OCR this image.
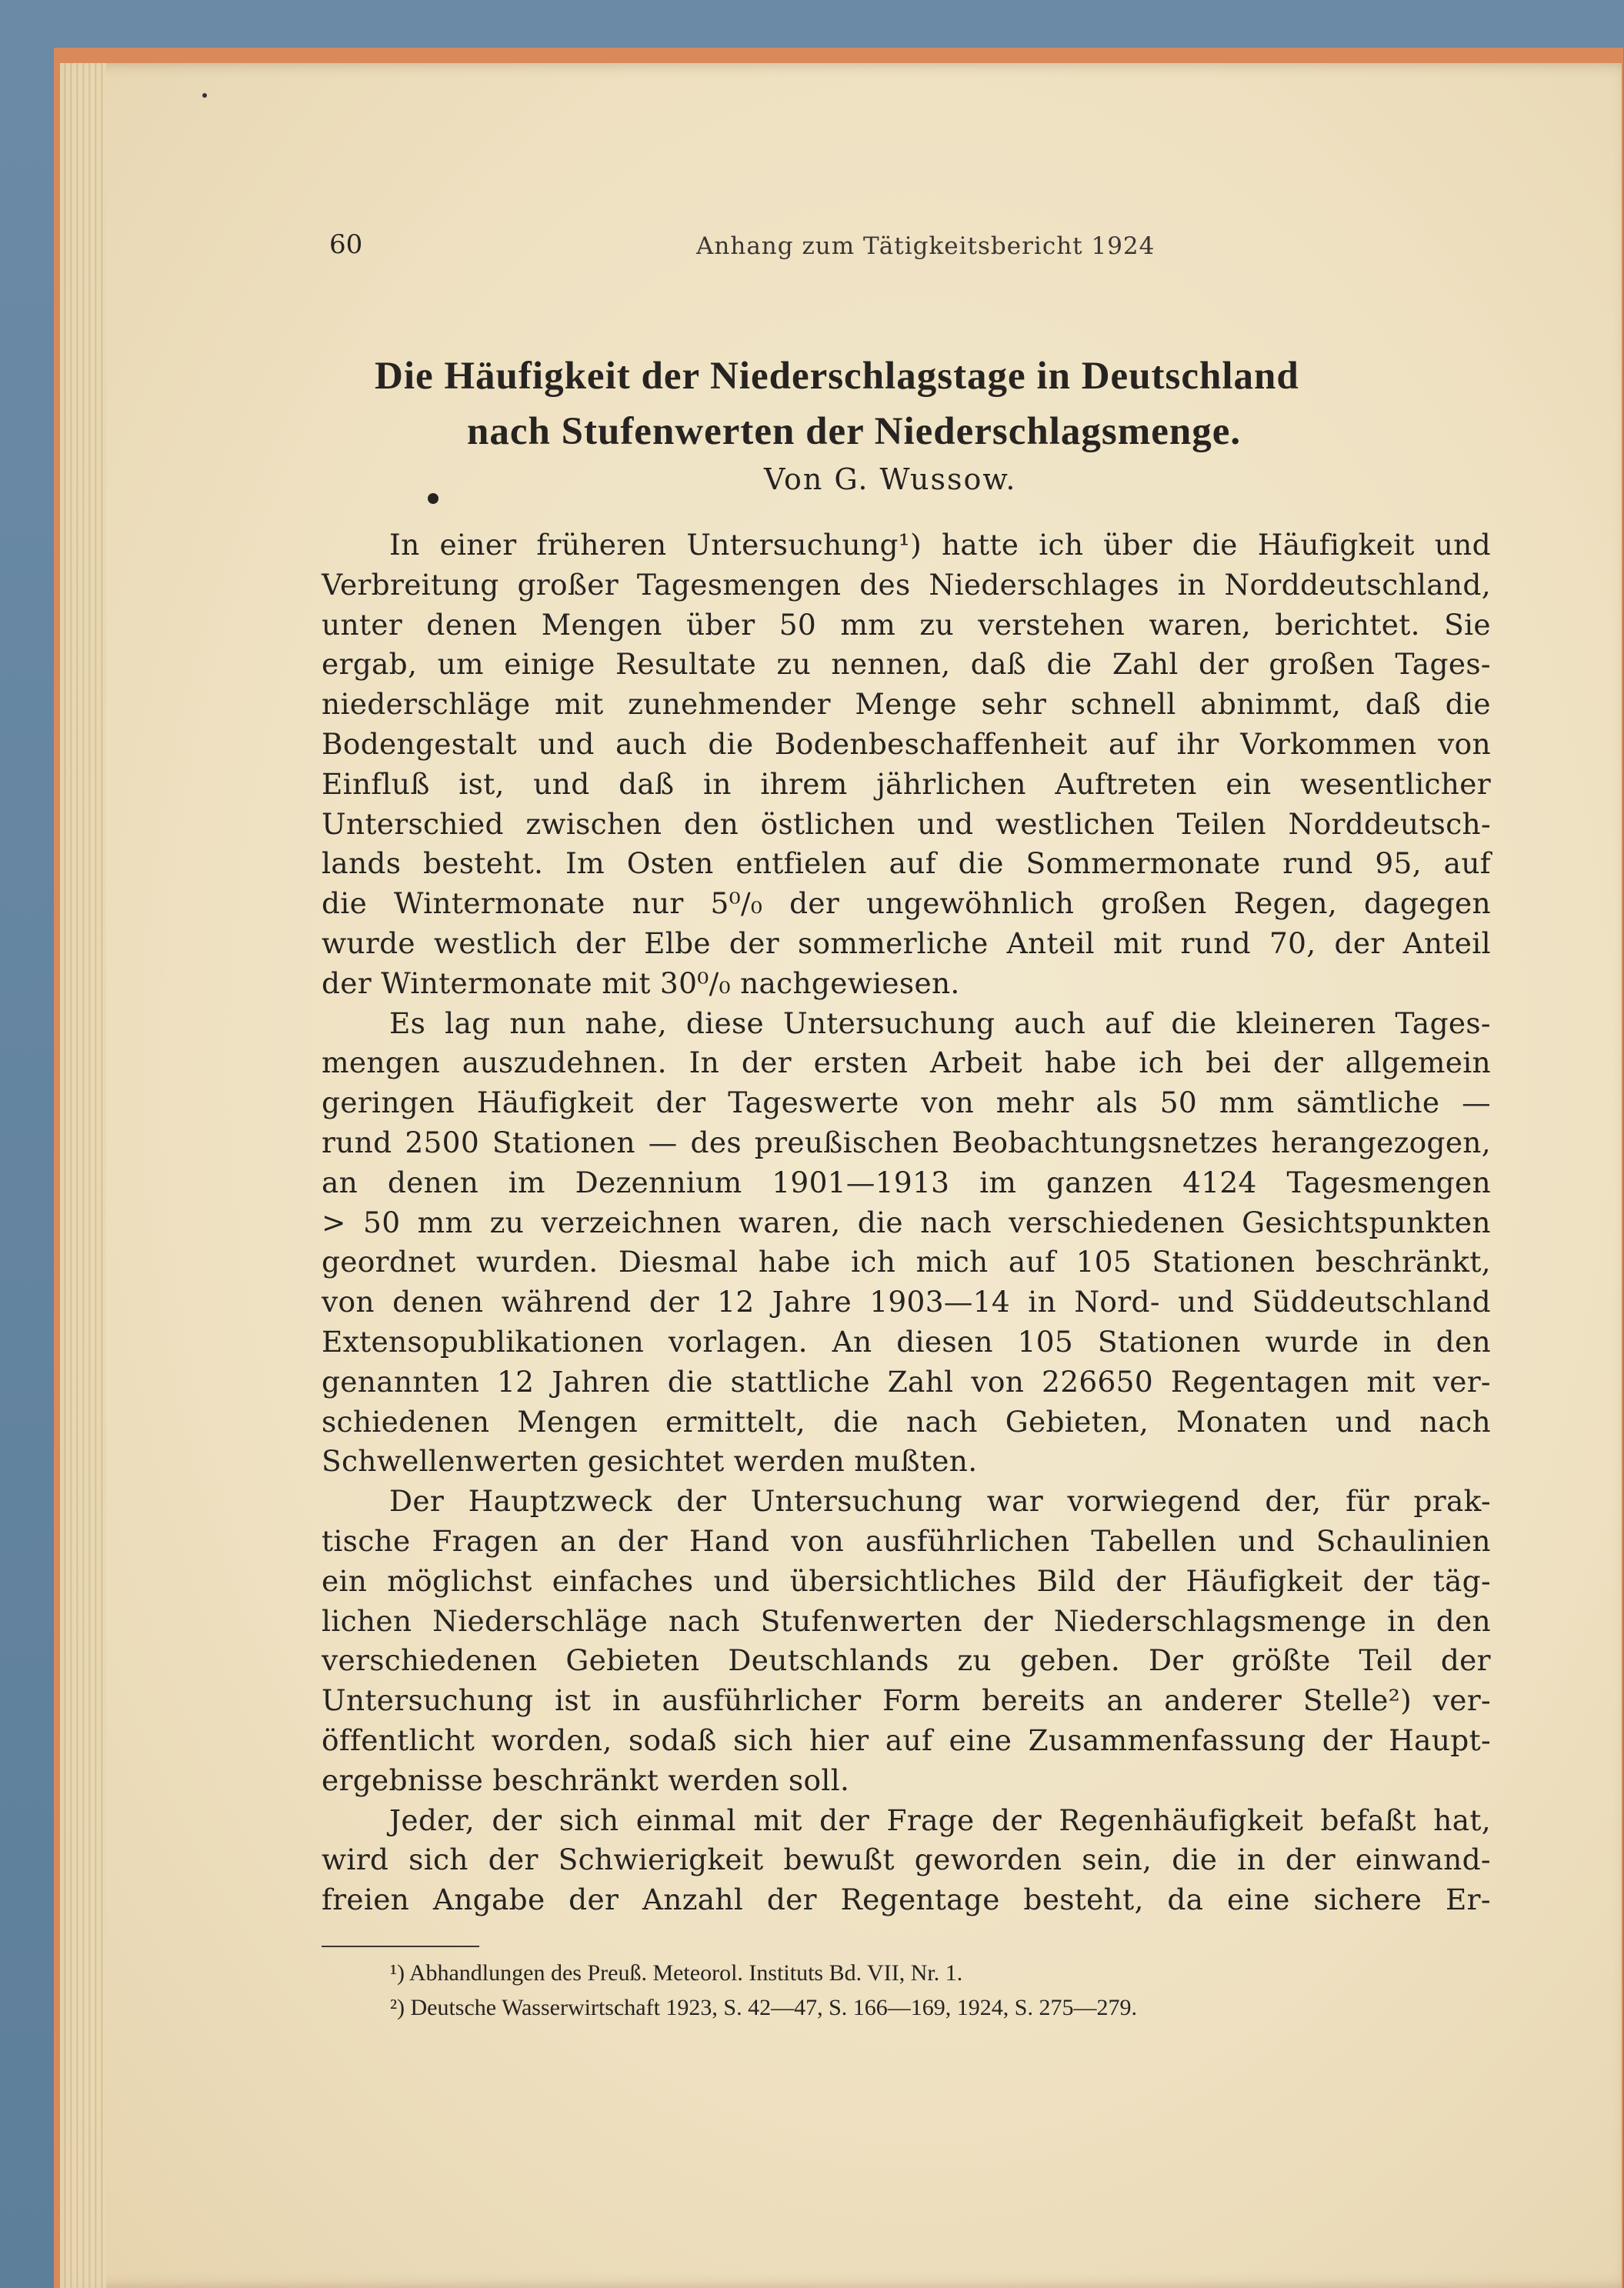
60	Anhang zum Tätigkeitsbericht 1924
Die Häufigkeit der Niederschlagstage in Deutschland
nach Stufenwerten der Niederschlagsmenge.
Von G. Wussow.
In einer früheren Untersuchung¹) hatte ich über die Häufigkeit und
Verbreitung großer Tagesmengen des Niederschlages in Norddeutschland,
unter denen Mengen über 50 mm zu verstehen waren, berichtet. Sie
ergab, um einige Resultate zu nennen, daß die Zahl der großen Tages-
niederschläge mit zunehmender Menge sehr schnell abnimmt, daß die
Bodengestalt und auch die Bodenbeschaffenheit auf ihr Vorkommen von
Einfluß ist, und daß in ihrem jährlichen Auftreten ein wesentlicher
Unterschied zwischen den östlichen und westlichen Teilen Norddeutsch-
lands besteht. Im Osten entfielen auf die Sommermonate rund 95, auf
die Wintermonate nur 5⁰/₀ der ungewöhnlich großen Regen, dagegen
wurde westlich der Elbe der sommerliche Anteil mit rund 70, der Anteil
der Wintermonate mit 30⁰/₀ nachgewiesen.
Es lag nun nahe, diese Untersuchung auch auf die kleineren Tages-
mengen auszudehnen. In der ersten Arbeit habe ich bei der allgemein
geringen Häufigkeit der Tageswerte von mehr als 50 mm sämtliche —
rund 2500 Stationen — des preußischen Beobachtungsnetzes herangezogen,
an denen im Dezennium 1901—1913 im ganzen 4124 Tagesmengen
> 50 mm zu verzeichnen waren, die nach verschiedenen Gesichtspunkten
geordnet wurden. Diesmal habe ich mich auf 105 Stationen beschränkt,
von denen während der 12 Jahre 1903—14 in Nord- und Süddeutschland
Extensopublikationen vorlagen. An diesen 105 Stationen wurde in den
genannten 12 Jahren die stattliche Zahl von 226650 Regentagen mit ver-
schiedenen Mengen ermittelt, die nach Gebieten, Monaten und nach
Schwellenwerten gesichtet werden mußten.
Der Hauptzweck der Untersuchung war vorwiegend der, für prak-
tische Fragen an der Hand von ausführlichen Tabellen und Schaulinien
ein möglichst einfaches und übersichtliches Bild der Häufigkeit der täg-
lichen Niederschläge nach Stufenwerten der Niederschlagsmenge in den
verschiedenen Gebieten Deutschlands zu geben. Der größte Teil der
Untersuchung ist in ausführlicher Form bereits an anderer Stelle²) ver-
öffentlicht worden, sodaß sich hier auf eine Zusammenfassung der Haupt-
ergebnisse beschränkt werden soll.
Jeder, der sich einmal mit der Frage der Regenhäufigkeit befaßt hat,
wird sich der Schwierigkeit bewußt geworden sein, die in der einwand-
freien Angabe der Anzahl der Regentage besteht, da eine sichere Er-
¹) Abhandlungen des Preuß. Meteorol. Instituts Bd. VII, Nr. 1.
²) Deutsche Wasserwirtschaft 1923, S. 42—47, S. 166—169, 1924, S. 275—279.
